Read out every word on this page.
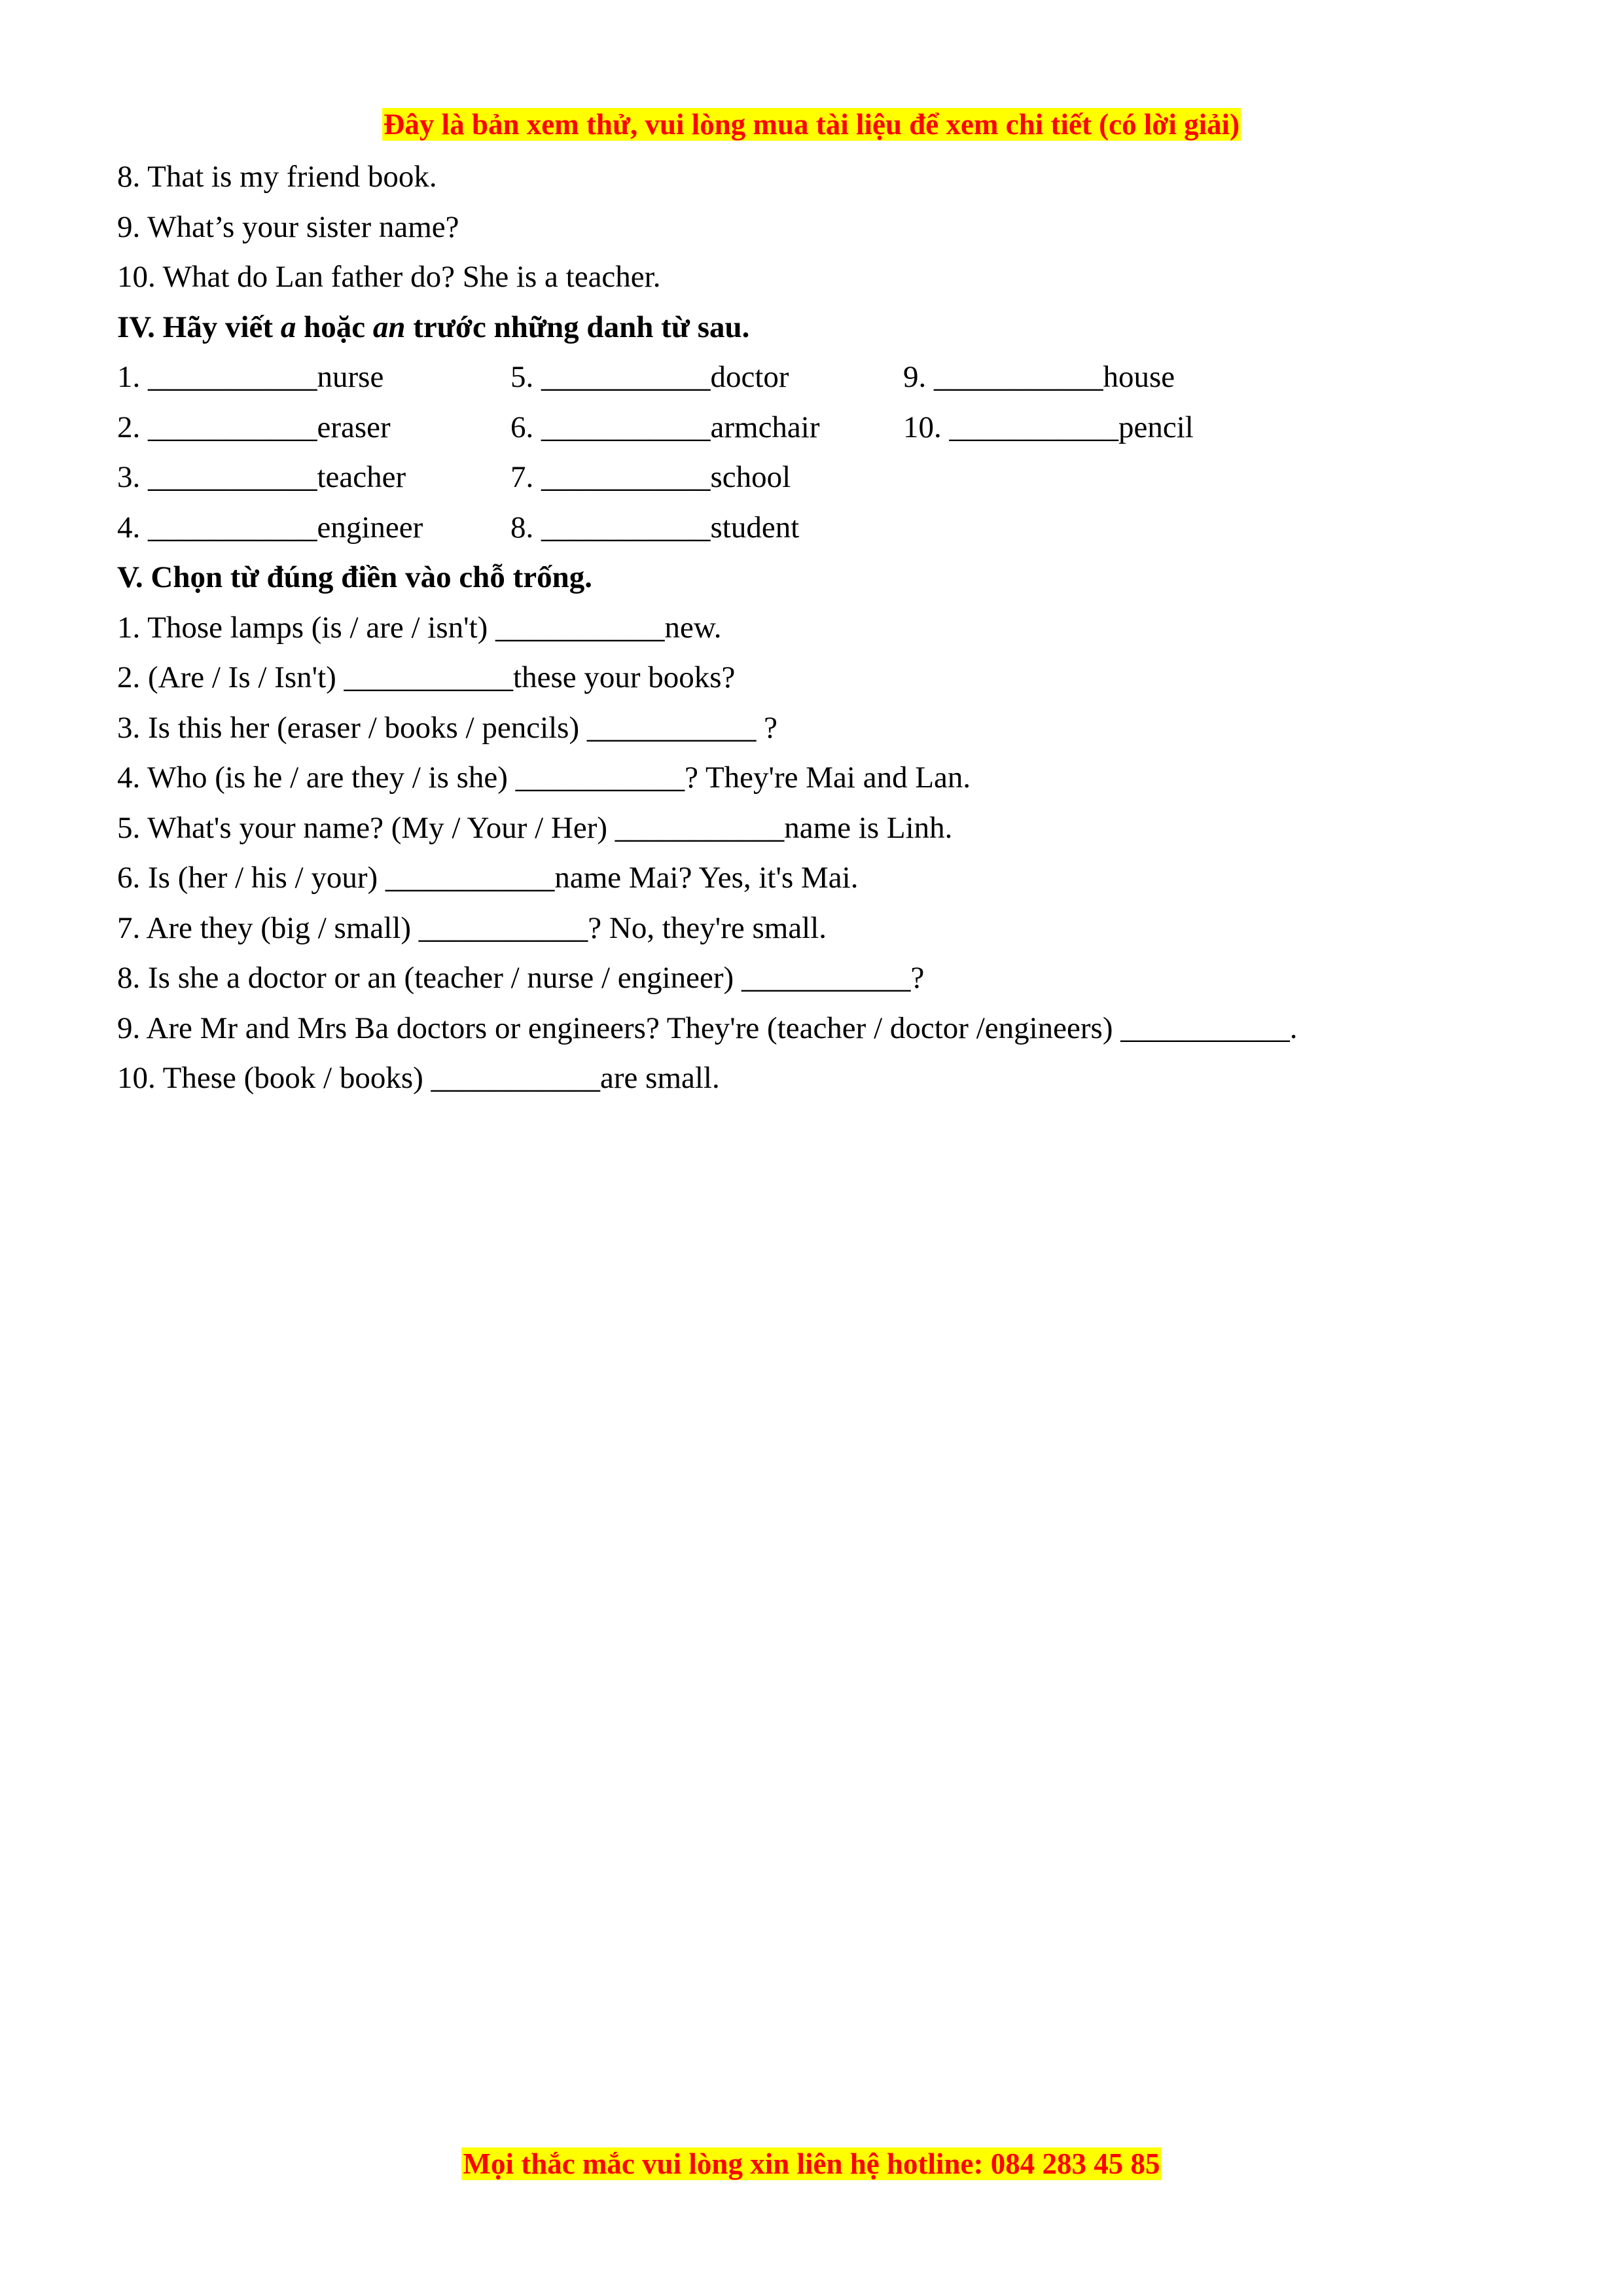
Đây là bản xem thử, vui lòng mua tài liệu để xem chi tiết (có lời giải)
8. That is my friend book.
9. What’s your sister name?
10. What do Lan father do? She is a teacher.
IV. Hãy viết a hoặc an trước những danh từ sau.
1. ___________nurse	5. ___________doctor	9. ___________house
2. ___________eraser	6. ___________armchair	10. ___________pencil
3. ___________teacher	7. ___________school
4. ___________engineer	8. ___________student
V. Chọn từ đúng điền vào chỗ trống.
1. Those lamps (is / are / isn't) ___________new.
2. (Are / Is / Isn't) ___________these your books?
3. Is this her (eraser / books / pencils) ___________ ?
4. Who (is he / are they / is she) ___________? They're Mai and Lan.
5. What's your name? (My / Your / Her) ___________name is Linh.
6. Is (her / his / your) ___________name Mai? Yes, it's Mai.
7. Are they (big / small) ___________? No, they're small.
8. Is she a doctor or an (teacher / nurse / engineer) ___________?
9. Are Mr and Mrs Ba doctors or engineers? They're (teacher / doctor /engineers) ___________.
10. These (book / books) ___________are small.
Mọi thắc mắc vui lòng xin liên hệ hotline: 084 283 45 85
